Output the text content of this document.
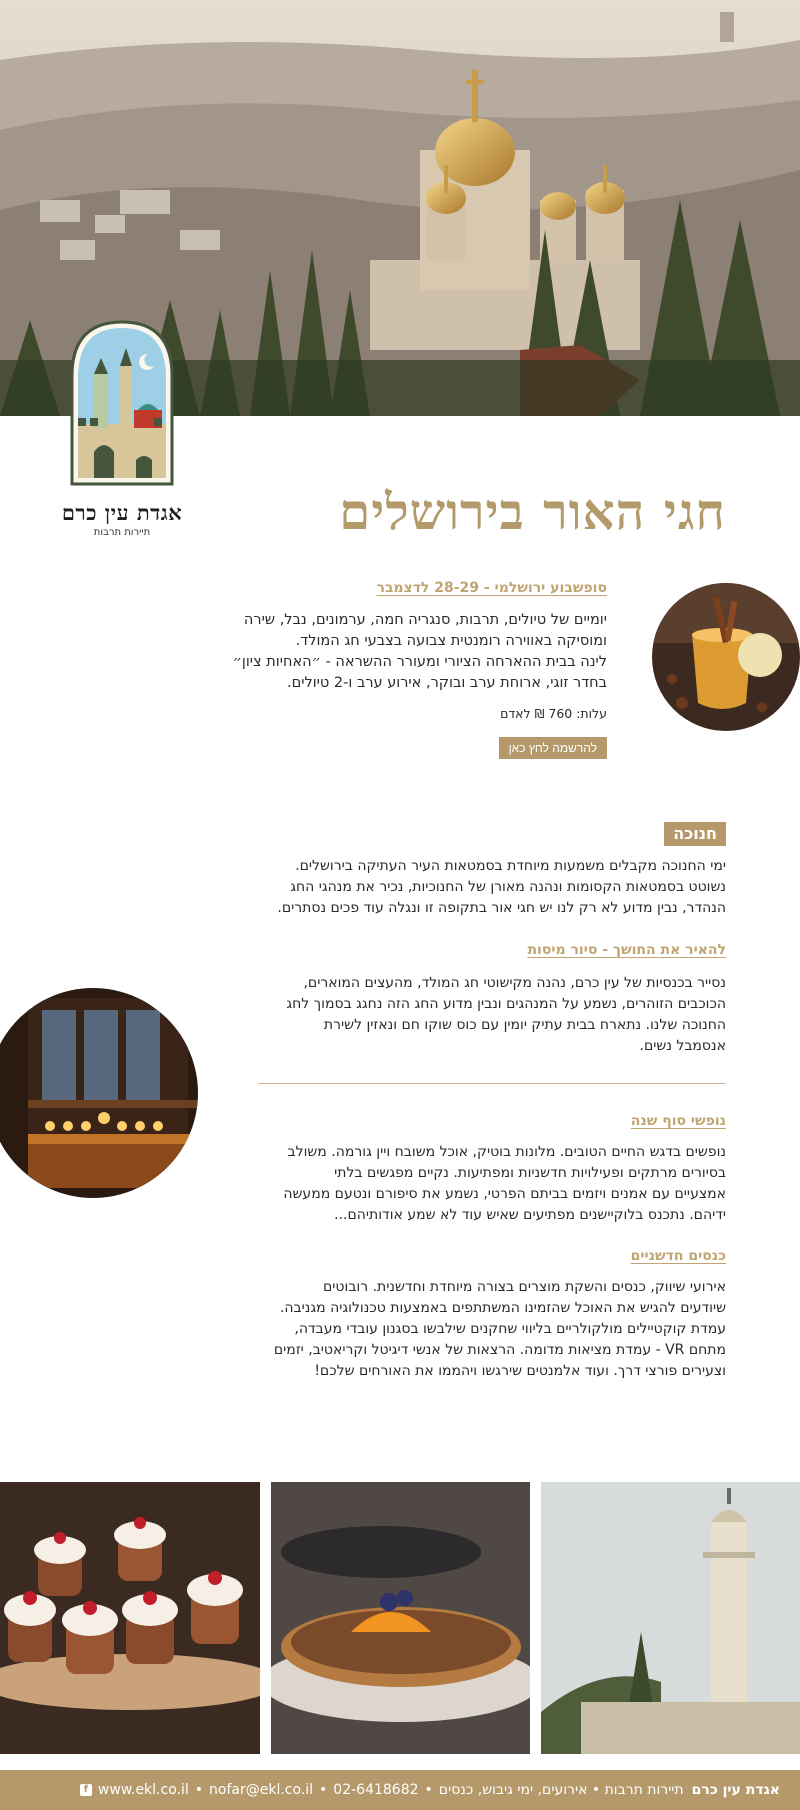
אגדת עין כרם
תיירות תרבות	חגי האור בירושלים
סופשבוע ירושלמי - 28-29 לדצמבר

יומיים של טיולים, תרבות, סנגריה חמה, ערמונים, נבל, שירה

ומוסיקה באווירה רומנטית צבועה בצבעי חג המולד.

לינה בבית ההארחה הציורי ומעורר ההשראה - ״האחיות ציון״

בחדר זוגי, ארוחת ערב ובוקר, אירוע ערב ו-2 טיולים.

עלות: 760 ₪ לאדם
להרשמה לחץ כאן
חנוכה

ימי החנוכה מקבלים משמעות מיוחדת בסמטאות העיר העתיקה בירושלים.

נשוטט בסמטאות הקסומות ונהנה מאורן של החנוכיות, נכיר את מנהגי החג

הנהדר, נבין מדוע לא רק לנו יש חגי אור בתקופה זו ונגלה עוד פכים נסתרים.

להאיר את החושך - סיור מיסות

נסייר בכנסיות של עין כרם, נהנה מקישוטי חג המולד, מהעצים המוארים,

הכוכבים הזוהרים, נשמע על המנהגים ונבין מדוע החג הזה נחגג בסמוך לחג

החנוכה שלנו. נתארח בבית עתיק יומין עם כוס שוקו חם ונאזין לשירת

אנסמבל נשים.

נופשי סוף שנה

נופשים בדגש החיים הטובים. מלונות בוטיק, אוכל משובח ויין גורמה. משולב

בסיורים מרתקים ופעילויות חדשניות ומפתיעות. נקיים מפגשים בלתי

אמצעיים עם אמנים ויזמים בביתם הפרטי, נשמע את סיפורם ונטעם ממעשה

ידיהם. נתכנס בלוקיישנים מפתיעים שאיש עוד לא שמע אודותיהם...

כנסים חדשניים

אירועי שיווק, כנסים והשקת מוצרים בצורה מיוחדת וחדשנית. רובוטים

שיודעים להגיש את האוכל שהזמינו המשתתפים באמצעות טכנולוגיה מגניבה.

עמדת קוקטיילים מולקולריים בליווי שחקנים שילבשו בסגנון עובדי מעבדה,

מתחם VR - עמדת מציאות מדומה. הרצאות של אנשי דיגיטל וקריאטיב, יזמים

וצעירים פורצי דרך. ועוד אלמנטים שירגשו ויהממו את האורחים שלכם!

אגדת עין כרם
תיירות תרבות • אירועים, ימי גיבוש, כנסים
•
02-6418682
•
nofar@ekl.co.il
•
www.ekl.co.il
f
